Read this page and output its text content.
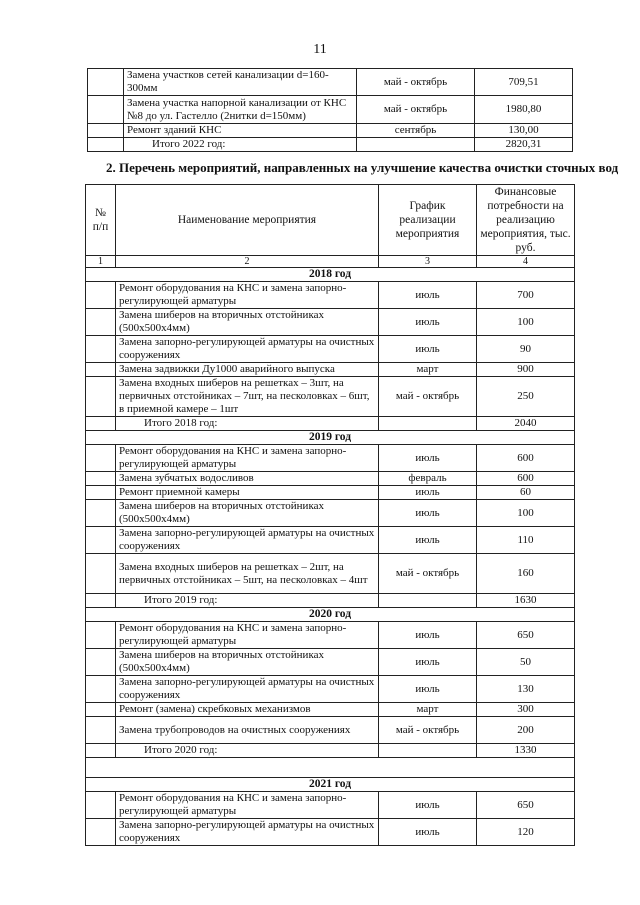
11
	Замена участков сетей канализации d=160-300мм	май - октябрь	709,51
	Замена участка напорной канализации от КНС №8 до ул. Гастелло (2нитки d=150мм)	май - октябрь	1980,80
	Ремонт зданий КНС	сентябрь	130,00
	Итого 2022 год:		2820,31
2. Перечень мероприятий, направленных на улучшение качества очистки сточных вод
№ п/п	Наименование мероприятия	График реализации мероприятия	Финансовые потребности на реализацию мероприятия, тыс. руб.
1	2	3	4
2018 год			
	Ремонт оборудования на КНС и замена запорно-регулирующей арматуры	июль	700
	Замена шиберов на вторичных отстойниках (500х500х4мм)	июль	100
	Замена запорно-регулирующей арматуры на очистных сооружениях	июль	90
	Замена задвижки Ду1000 аварийного выпуска	март	900
	Замена входных шиберов на решетках – 3шт, на первичных отстойниках – 7шт, на песколовках – 6шт, в приемной камере – 1шт	май - октябрь	250
	Итого 2018 год:		2040
2019 год			
	Ремонт оборудования на КНС и замена запорно-регулирующей арматуры	июль	600
	Замена зубчатых водосливов	февраль	600
	Ремонт приемной камеры	июль	60
	Замена шиберов на вторичных отстойниках (500х500х4мм)	июль	100
	Замена запорно-регулирующей арматуры на очистных сооружениях	июль	110
	Замена входных шиберов на решетках – 2шт, на первичных отстойниках – 5шт, на песколовках – 4шт	май - октябрь	160
	Итого 2019 год:		1630
2020 год			
	Ремонт оборудования на КНС и замена запорно-регулирующей арматуры	июль	650
	Замена шиберов на вторичных отстойниках (500х500х4мм)	июль	50
	Замена запорно-регулирующей арматуры на очистных сооружениях	июль	130
	Ремонт (замена) скребковых механизмов	март	300
	Замена трубопроводов на очистных сооружениях	май - октябрь	200
	Итого 2020 год:		1330

2021 год			
	Ремонт оборудования на КНС и замена запорно-регулирующей арматуры	июль	650
	Замена запорно-регулирующей арматуры на очистных сооружениях	июль	120
